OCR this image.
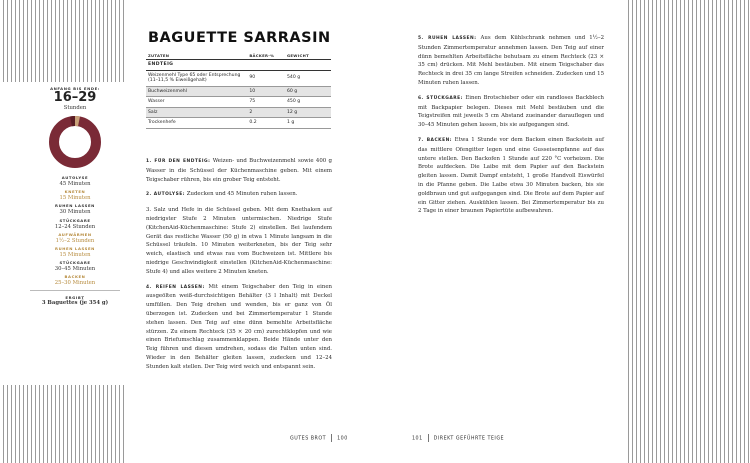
ANFANG BIS ENDE:
16–29
Stunden
AUTOLYSE
45 Minuten
KNETEN
15 Minuten
RUHEN LASSEN
30 Minuten
STÜCKGARE
12–24 Stunden
AUFWÄRMEN
1½–2 Stunden
RUHEN LASSEN
15 Minuten
STÜCKGARE
30–45 Minuten
BACKEN
25–30 Minuten
ERGIBT
3 Baguettes (je 354 g)
BAGUETTE SARRASIN
ZUTATEN	BÄCKER-%	GEWICHT
ENDTEIG		
Weizenmehl Type 65 oder Entsprechung (11–11,5 % Eiweißgehalt)	90	540 g
Buchweizenmehl	10	60 g
Wasser	75	450 g
Salz	2	12 g
Trockenhefe	0.2	1 g

1. FÜR DEN ENDTEIG: Weizen- und Buchweizenmehl sowie 400 g Wasser in die Schüssel der Küchenmaschine geben. Mit einem Teigschaber rühren, bis ein grober Teig entsteht.

2. AUTOLYSE: Zudecken und 45 Minuten ruhen lassen.

3. Salz und Hefe in die Schüssel geben. Mit dem Knethaken auf niedrigster Stufe 2 Minuten untermischen. Niedrige Stufe (KitchenAid-Küchenmaschine: Stufe 2) einstellen. Bei laufendem Gerät das restliche Wasser (50 g) in etwa 1 Minute langsam in die Schüssel träufeln. 10 Minuten weiterkneten, bis der Teig sehr weich, elastisch und etwas rau vom Buchweizen ist. Mittlere bis niedrige Geschwindigkeit einstellen (KitchenAid-Küchenmaschine: Stufe 4) und alles weitere 2 Minuten kneten.

4. REIFEN LASSEN: Mit einem Teigschaber den Teig in einen ausgeölten weiß-durchsichtigen Behälter (3 l Inhalt) mit Deckel umfüllen. Den Teig drehen und wenden, bis er ganz von Öl überzogen ist. Zudecken und bei Zimmertemperatur 1 Stunde stehen lassen. Den Teig auf eine dünn bemehlte Arbeitsfläche stürzen. Zu einem Rechteck (35 × 20 cm) zurechtklopfen und wie einen Briefumschlag zusammenklappen. Beide Hände unter den Teig führen und diesen umdrehen, sodass die Falten unten sind. Wieder in den Behälter gleiten lassen, zudecken und 12–24 Stunden kalt stellen. Der Teig wird weich und entspannt sein.

5. RUHEN LASSEN: Aus dem Kühlschrank nehmen und 1½–2 Stunden Zimmertemperatur annehmen lassen. Den Teig auf einer dünn bemehlten Arbeitsfläche behutsam zu einem Rechteck (23 × 35 cm) drücken. Mit Mehl bestäuben. Mit einem Teigschaber das Rechteck in drei 35 cm lange Streifen schneiden. Zudecken und 15 Minuten ruhen lassen.

6. STÜCKGARE: Einen Brotschieber oder ein randloses Backblech mit Backpapier belegen. Dieses mit Mehl bestäuben und die Teigstreifen mit jeweils 5 cm Abstand zueinander darauflegen und 30–45 Minuten gehen lassen, bis sie aufgegangen sind.

7. BACKEN: Etwa 1 Stunde vor dem Backen einen Backstein auf das mittlere Ofengitter legen und eine Gusseisenpfanne auf das untere stellen. Den Backofen 1 Stunde auf 220 °C vorheizen. Die Brote aufdecken. Die Laibe mit dem Papier auf den Backstein gleiten lassen. Damit Dampf entsteht, 1 große Handvoll Eiswürfel in die Pfanne geben. Die Laibe etwa 30 Minuten backen, bis sie goldbraun und gut aufgegangen sind. Die Brote auf dem Papier auf ein Gitter ziehen. Auskühlen lassen. Bei Zimmertemperatur bis zu 2 Tage in einer braunen Papiertüte aufbewahren.

GUTES BROT 100	101 DIREKT GEFÜHRTE TEIGE
